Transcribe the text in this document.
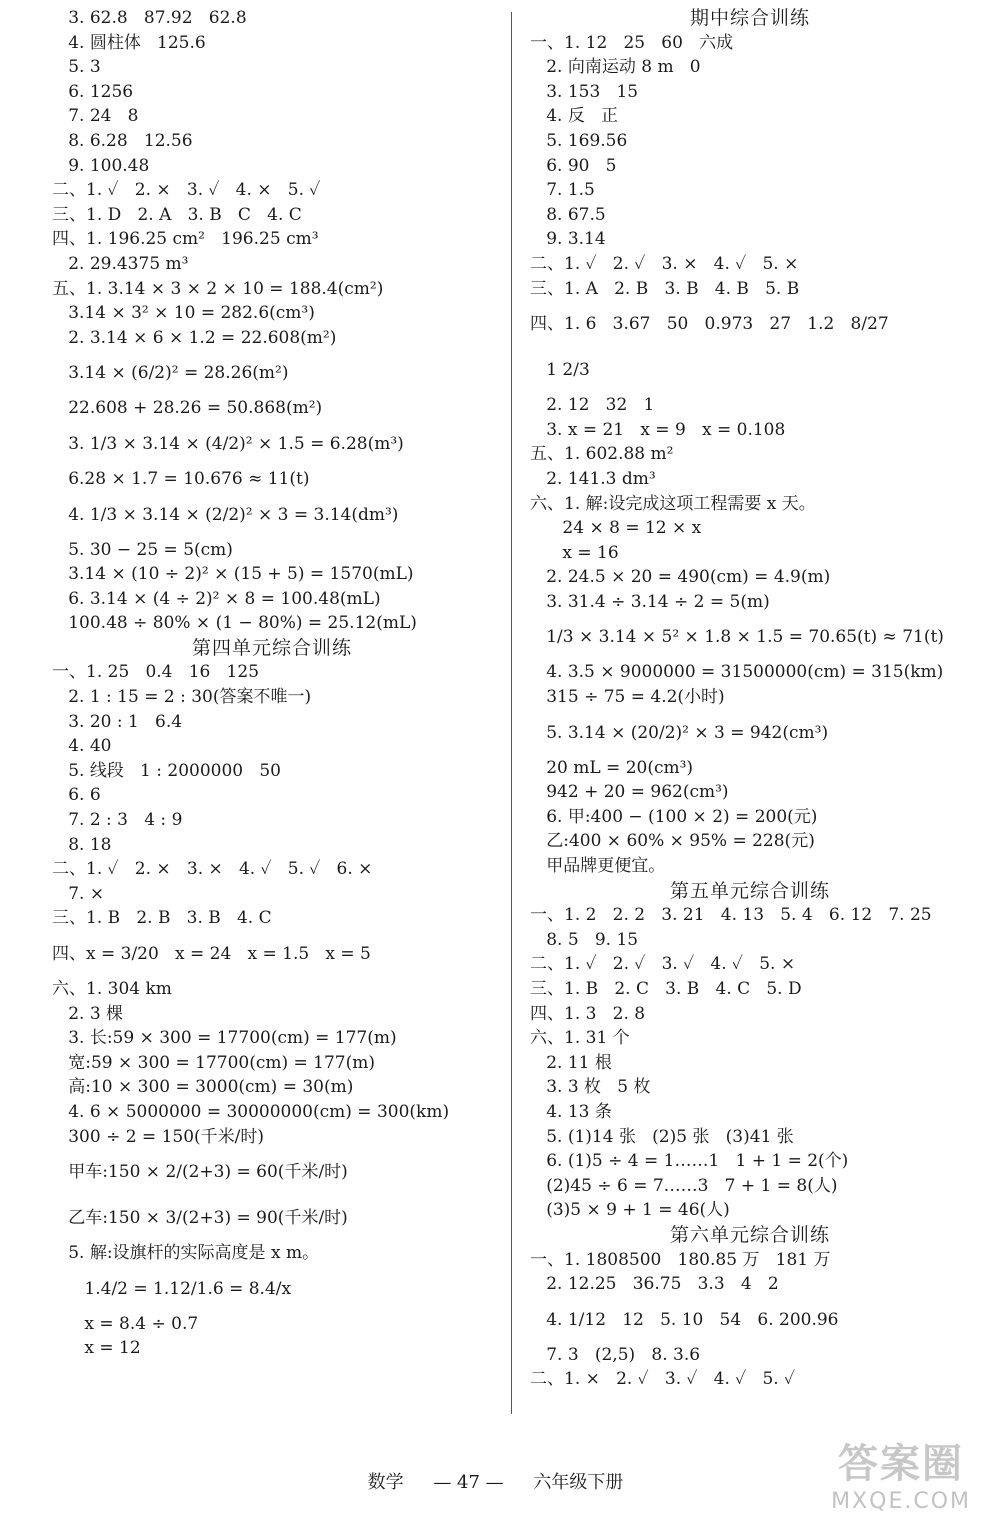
3. 62.8   87.92   62.8
4. 圆柱体   125.6
5. 3
6. 1256
7. 24   8
8. 6.28   12.56
9. 100.48
二、1. ✓   2. ×   3. ✓   4. ×   5. ✓
三、1. D   2. A   3. B   C   4. C
四、1. 196.25 cm²   196.25 cm³
2. 29.4375 m³
五、1. 3.14 × 3 × 2 × 10 = 188.4(cm²)
3.14 × 3² × 10 = 282.6(cm³)
2. 3.14 × 6 × 1.2 = 22.608(m²)
3.14 × (6/2)² = 28.26(m²)
22.608 + 28.26 = 50.868(m²)
3. 1/3 × 3.14 × (4/2)² × 1.5 = 6.28(m³)
6.28 × 1.7 = 10.676 ≈ 11(t)
4. 1/3 × 3.14 × (2/2)² × 3 = 3.14(dm³)
5. 30 − 25 = 5(cm)
3.14 × (10 ÷ 2)² × (15 + 5) = 1570(mL)
6. 3.14 × (4 ÷ 2)² × 8 = 100.48(mL)
100.48 ÷ 80% × (1 − 80%) = 25.12(mL)
第四单元综合训练
一、1. 25   0.4   16   125
2. 1 : 15 = 2 : 30(答案不唯一)
3. 20 : 1   6.4
4. 40
5. 线段   1 : 2000000   50
6. 6
7. 2 : 3   4 : 9
8. 18
二、1. ✓   2. ×   3. ×   4. ✓   5. ✓   6. ×
7. ×
三、1. B   2. B   3. B   4. C
四、x = 3/20   x = 24   x = 1.5   x = 5
六、1. 304 km
2. 3 棵
3. 长:59 × 300 = 17700(cm) = 177(m)
宽:59 × 300 = 17700(cm) = 177(m)
高:10 × 300 = 3000(cm) = 30(m)
4. 6 × 5000000 = 30000000(cm) = 300(km)
300 ÷ 2 = 150(千米/时)
甲车:150 × 2/(2+3) = 60(千米/时)
乙车:150 × 3/(2+3) = 90(千米/时)
5. 解:设旗杆的实际高度是 x m。
1.4/2 = 1.12/1.6 = 8.4/x
x = 8.4 ÷ 0.7
x = 12
期中综合训练
一、1. 12   25   60   六成
2. 向南运动 8 m   0
3. 153   15
4. 反   正
5. 169.56
6. 90   5
7. 1.5
8. 67.5
9. 3.14
二、1. ✓   2. ✓   3. ×   4. ✓   5. ×
三、1. A   2. B   3. B   4. B   5. B
四、1. 6   3.67   50   0.973   27   1.2   8/27
1 2/3
2. 12   32   1
3. x = 21   x = 9   x = 0.108
五、1. 602.88 m²
2. 141.3 dm³
六、1. 解:设完成这项工程需要 x 天。
24 × 8 = 12 × x
x = 16
2. 24.5 × 20 = 490(cm) = 4.9(m)
3. 31.4 ÷ 3.14 ÷ 2 = 5(m)
1/3 × 3.14 × 5² × 1.8 × 1.5 = 70.65(t) ≈ 71(t)
4. 3.5 × 9000000 = 31500000(cm) = 315(km)
315 ÷ 75 = 4.2(小时)
5. 3.14 × (20/2)² × 3 = 942(cm³)
20 mL = 20(cm³)
942 + 20 = 962(cm³)
6. 甲:400 − (100 × 2) = 200(元)
乙:400 × 60% × 95% = 228(元)
甲品牌更便宜。
第五单元综合训练
一、1. 2   2. 2   3. 21   4. 13   5. 4   6. 12   7. 25
8. 5   9. 15
二、1. ✓   2. ✓   3. ✓   4. ✓   5. ×
三、1. B   2. C   3. B   4. C   5. D
四、1. 3   2. 8
六、1. 31 个
2. 11 根
3. 3 枚   5 枚
4. 13 条
5. (1)14 张   (2)5 张   (3)41 张
6. (1)5 ÷ 4 = 1……1   1 + 1 = 2(个)
(2)45 ÷ 6 = 7……3   7 + 1 = 8(人)
(3)5 × 9 + 1 = 46(人)
第六单元综合训练
一、1. 1808500   180.85 万   181 万
2. 12.25   36.75   3.3   4   2
4. 1/12   12   5. 10   54   6. 200.96
7. 3   (2,5)   8. 3.6
二、1. ×   2. ✓   3. ✓   4. ✓   5. ✓
数学 — 47 — 六年级下册	答案圈
MXQE.COM
